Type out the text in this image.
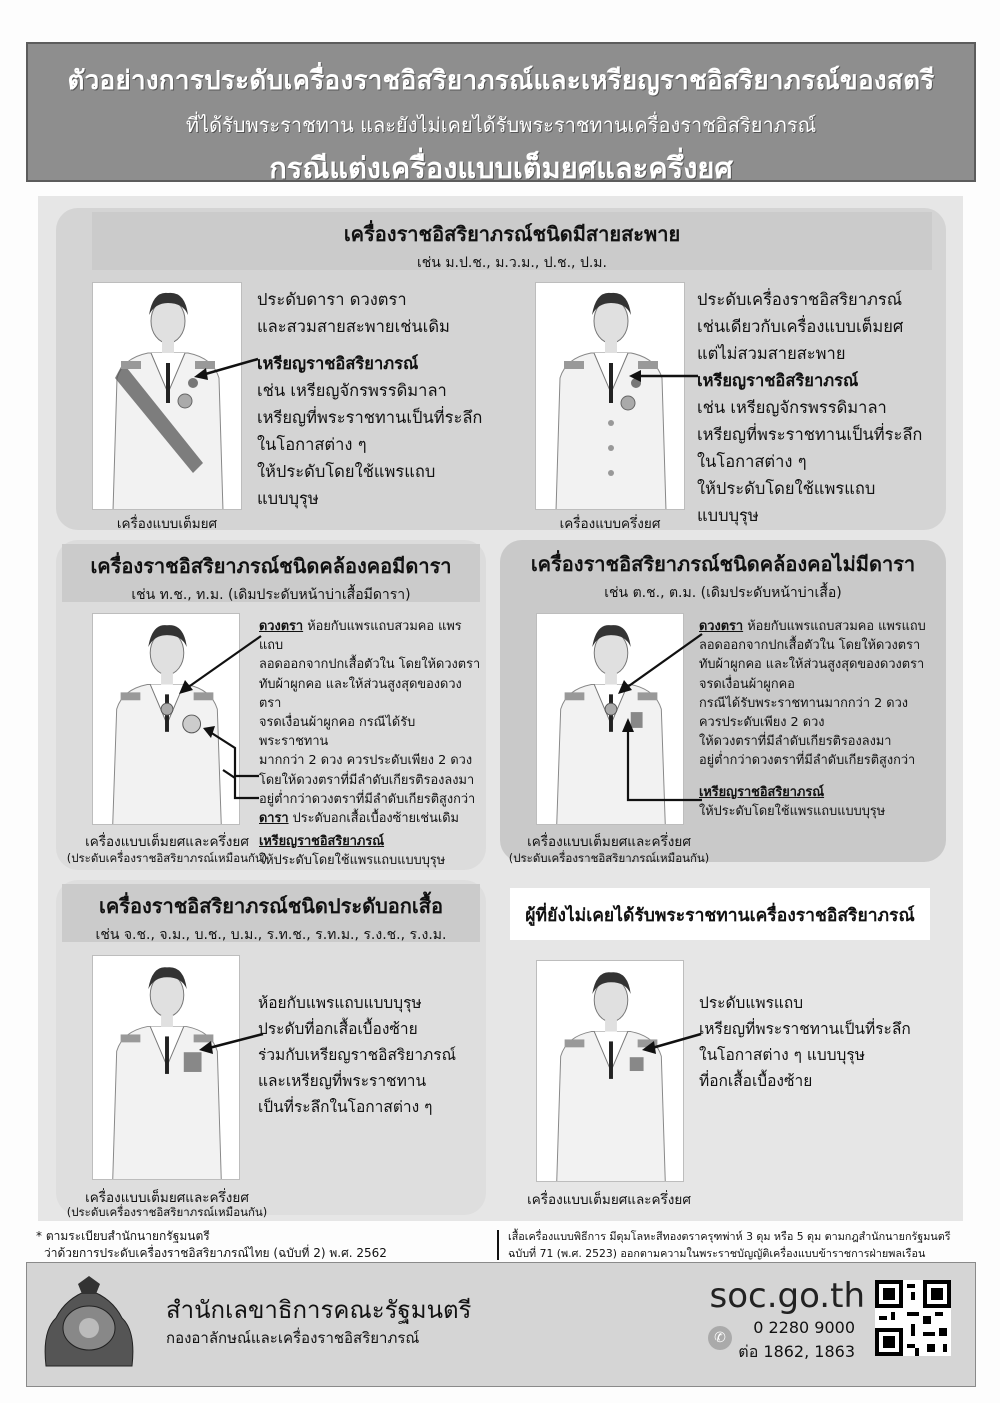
ตัวอย่างการประดับเครื่องราชอิสริยาภรณ์และเหรียญราชอิสริยาภรณ์ของสตรี
ที่ได้รับพระราชทาน และยังไม่เคยได้รับพระราชทานเครื่องราชอิสริยาภรณ์
กรณีแต่งเครื่องแบบเต็มยศและครึ่งยศ
เครื่องราชอิสริยาภรณ์ชนิดมีสายสะพาย
เช่น ม.ป.ช., ม.ว.ม., ป.ช., ป.ม.
เครื่องแบบเต็มยศ
ประดับดารา ดวงตรา
และสวมสายสะพายเช่นเดิม
เหรียญราชอิสริยาภรณ์
เช่น เหรียญจักรพรรดิมาลา
เหรียญที่พระราชทานเป็นที่ระลึก
ในโอกาสต่าง ๆ
ให้ประดับโดยใช้แพรแถบ
แบบบุรุษ
เครื่องแบบครึ่งยศ
ประดับเครื่องราชอิสริยาภรณ์
เช่นเดียวกับเครื่องแบบเต็มยศ
แต่ไม่สวมสายสะพาย
เหรียญราชอิสริยาภรณ์
เช่น เหรียญจักรพรรดิมาลา
เหรียญที่พระราชทานเป็นที่ระลึก
ในโอกาสต่าง ๆ
ให้ประดับโดยใช้แพรแถบ
แบบบุรุษ
เครื่องราชอิสริยาภรณ์ชนิดคล้องคอมีดารา
เช่น ท.ช., ท.ม. (เดิมประดับหน้าบ่าเสื้อมีดารา)
เครื่องแบบเต็มยศและครึ่งยศ
(ประดับเครื่องราชอิสริยาภรณ์เหมือนกัน)
ดวงตรา ห้อยกับแพรแถบสวมคอ แพรแถบ
ลอดออกจากปกเสื้อตัวใน โดยให้ดวงตรา
ทับผ้าผูกคอ และให้ส่วนสูงสุดของดวงตรา
จรดเงื่อนผ้าผูกคอ กรณีได้รับพระราชทาน
มากกว่า 2 ดวง ควรประดับเพียง 2 ดวง
โดยให้ดวงตราที่มีลำดับเกียรติรองลงมา
อยู่ต่ำกว่าดวงตราที่มีลำดับเกียรติสูงกว่า
ดารา ประดับอกเสื้อเบื้องซ้ายเช่นเดิม
เหรียญราชอิสริยาภรณ์
ให้ประดับโดยใช้แพรแถบแบบบุรุษ
เครื่องราชอิสริยาภรณ์ชนิดคล้องคอไม่มีดารา
เช่น ต.ช., ต.ม. (เดิมประดับหน้าบ่าเสื้อ)
เครื่องแบบเต็มยศและครึ่งยศ
(ประดับเครื่องราชอิสริยาภรณ์เหมือนกัน)
ดวงตรา ห้อยกับแพรแถบสวมคอ แพรแถบ
ลอดออกจากปกเสื้อตัวใน โดยให้ดวงตรา
ทับผ้าผูกคอ และให้ส่วนสูงสุดของดวงตรา
จรดเงื่อนผ้าผูกคอ
กรณีได้รับพระราชทานมากกว่า 2 ดวง
ควรประดับเพียง 2 ดวง
ให้ดวงตราที่มีลำดับเกียรติรองลงมา
อยู่ต่ำกว่าดวงตราที่มีลำดับเกียรติสูงกว่า
เหรียญราชอิสริยาภรณ์
ให้ประดับโดยใช้แพรแถบแบบบุรุษ
เครื่องราชอิสริยาภรณ์ชนิดประดับอกเสื้อ
เช่น จ.ช., จ.ม., บ.ช., บ.ม., ร.ท.ช., ร.ท.ม., ร.ง.ช., ร.ง.ม.
เครื่องแบบเต็มยศและครึ่งยศ
(ประดับเครื่องราชอิสริยาภรณ์เหมือนกัน)
ห้อยกับแพรแถบแบบบุรุษ
ประดับที่อกเสื้อเบื้องซ้าย
ร่วมกับเหรียญราชอิสริยาภรณ์
และเหรียญที่พระราชทาน
เป็นที่ระลึกในโอกาสต่าง ๆ
ผู้ที่ยังไม่เคยได้รับพระราชทานเครื่องราชอิสริยาภรณ์
เครื่องแบบเต็มยศและครึ่งยศ
ประดับแพรแถบ
เหรียญที่พระราชทานเป็นที่ระลึก
ในโอกาสต่าง ๆ แบบบุรุษ
ที่อกเสื้อเบื้องซ้าย
* ตามระเบียบสำนักนายกรัฐมนตรี
ว่าด้วยการประดับเครื่องราชอิสริยาภรณ์ไทย (ฉบับที่ 2) พ.ศ. 2562
เสื้อเครื่องแบบพิธีการ มีดุมโลหะสีทองตราครุฑพ่าห์ 3 ดุม หรือ 5 ดุม ตามกฎสำนักนายกรัฐมนตรี
ฉบับที่ 71 (พ.ศ. 2523) ออกตามความในพระราชบัญญัติเครื่องแบบข้าราชการฝ่ายพลเรือน
สำนักเลขาธิการคณะรัฐมนตรี
กองอาลักษณ์และเครื่องราชอิสริยาภรณ์
soc.go.th
✆
0 2280 9000
ต่อ 1862, 1863
